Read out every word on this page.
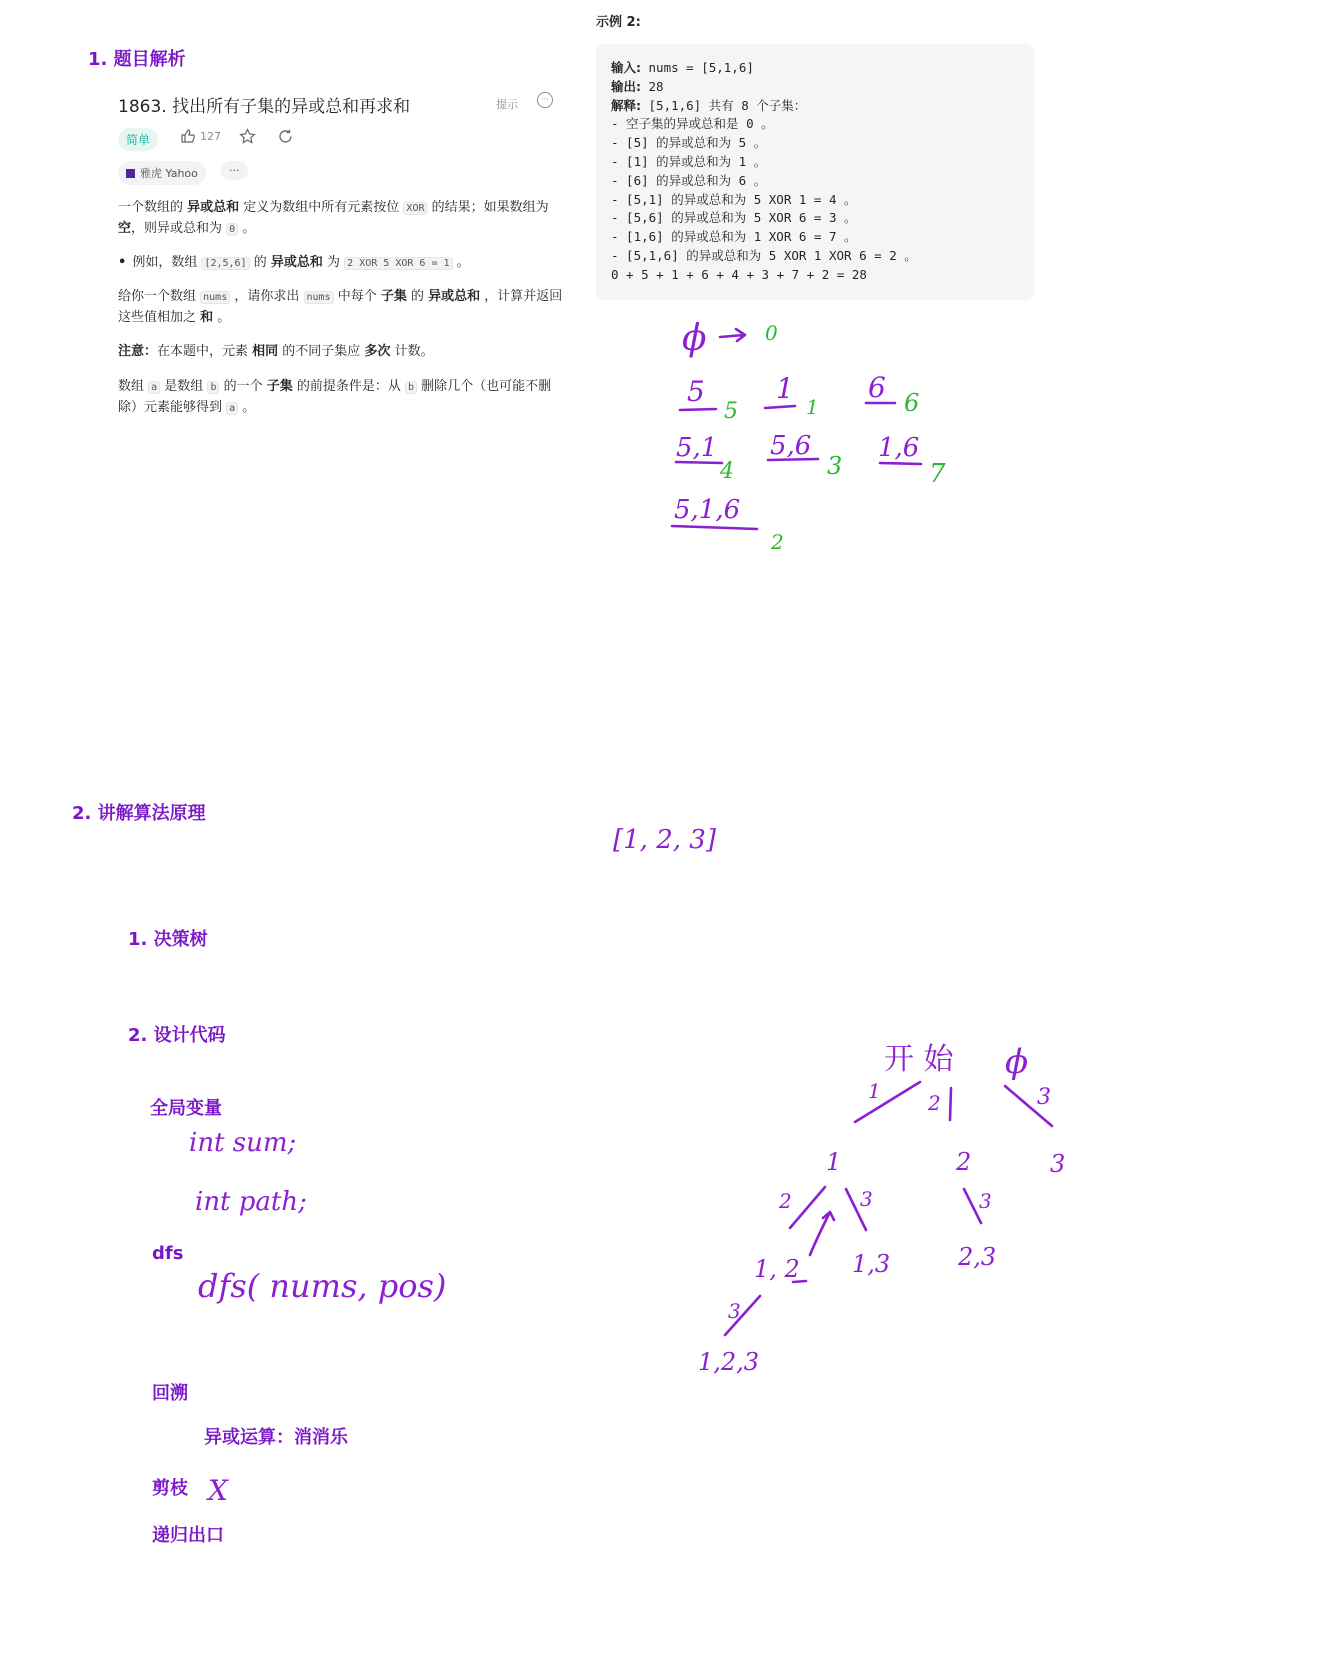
1. 题目解析
1863. 找出所有子集的异或总和再求和	提示	···
简单	127
雅虎 Yahoo	···
一个数组的 异或总和 定义为数组中所有元素按位 XOR 的结果；如果数组为空，则异或总和为 0 。
• 例如，数组 [2,5,6] 的 异或总和 为 2 XOR 5 XOR 6 = 1 。
给你一个数组 nums ，请你求出 nums 中每个 子集 的 异或总和 ，计算并返回这些值相加之 和 。
注意：在本题中，元素 相同 的不同子集应 多次 计数。
数组 a 是数组 b 的一个 子集 的前提条件是：从 b 删除几个（也可能不删除）元素能够得到 a 。
示例 2:
输入: nums = [5,1,6]
输出: 28
解释: [5,1,6] 共有 8 个子集：
- 空子集的异或总和是 0 。
- [5] 的异或总和为 5 。
- [1] 的异或总和为 1 。
- [6] 的异或总和为 6 。
- [5,1] 的异或总和为 5 XOR 1 = 4 。
- [5,6] 的异或总和为 5 XOR 6 = 3 。
- [1,6] 的异或总和为 1 XOR 6 = 7 。
- [5,1,6] 的异或总和为 5 XOR 1 XOR 6 = 2 。
0 + 5 + 1 + 6 + 4 + 3 + 7 + 2 = 28
ϕ	0
5
5
1
1
6 6
5,1
4
5,6
3
1,6
7
5,1,6
2
[1, 2, 3]
int sum;
int path;
dfs( nums, pos)
X
开 始 ϕ
1 2	3
1	2	3
2	3	3
1, 2 1,3	2,3
3
1,2,3
2. 讲解算法原理
1. 决策树
2. 设计代码
全局变量
dfs
回溯
异或运算：消消乐
剪枝
递归出口
